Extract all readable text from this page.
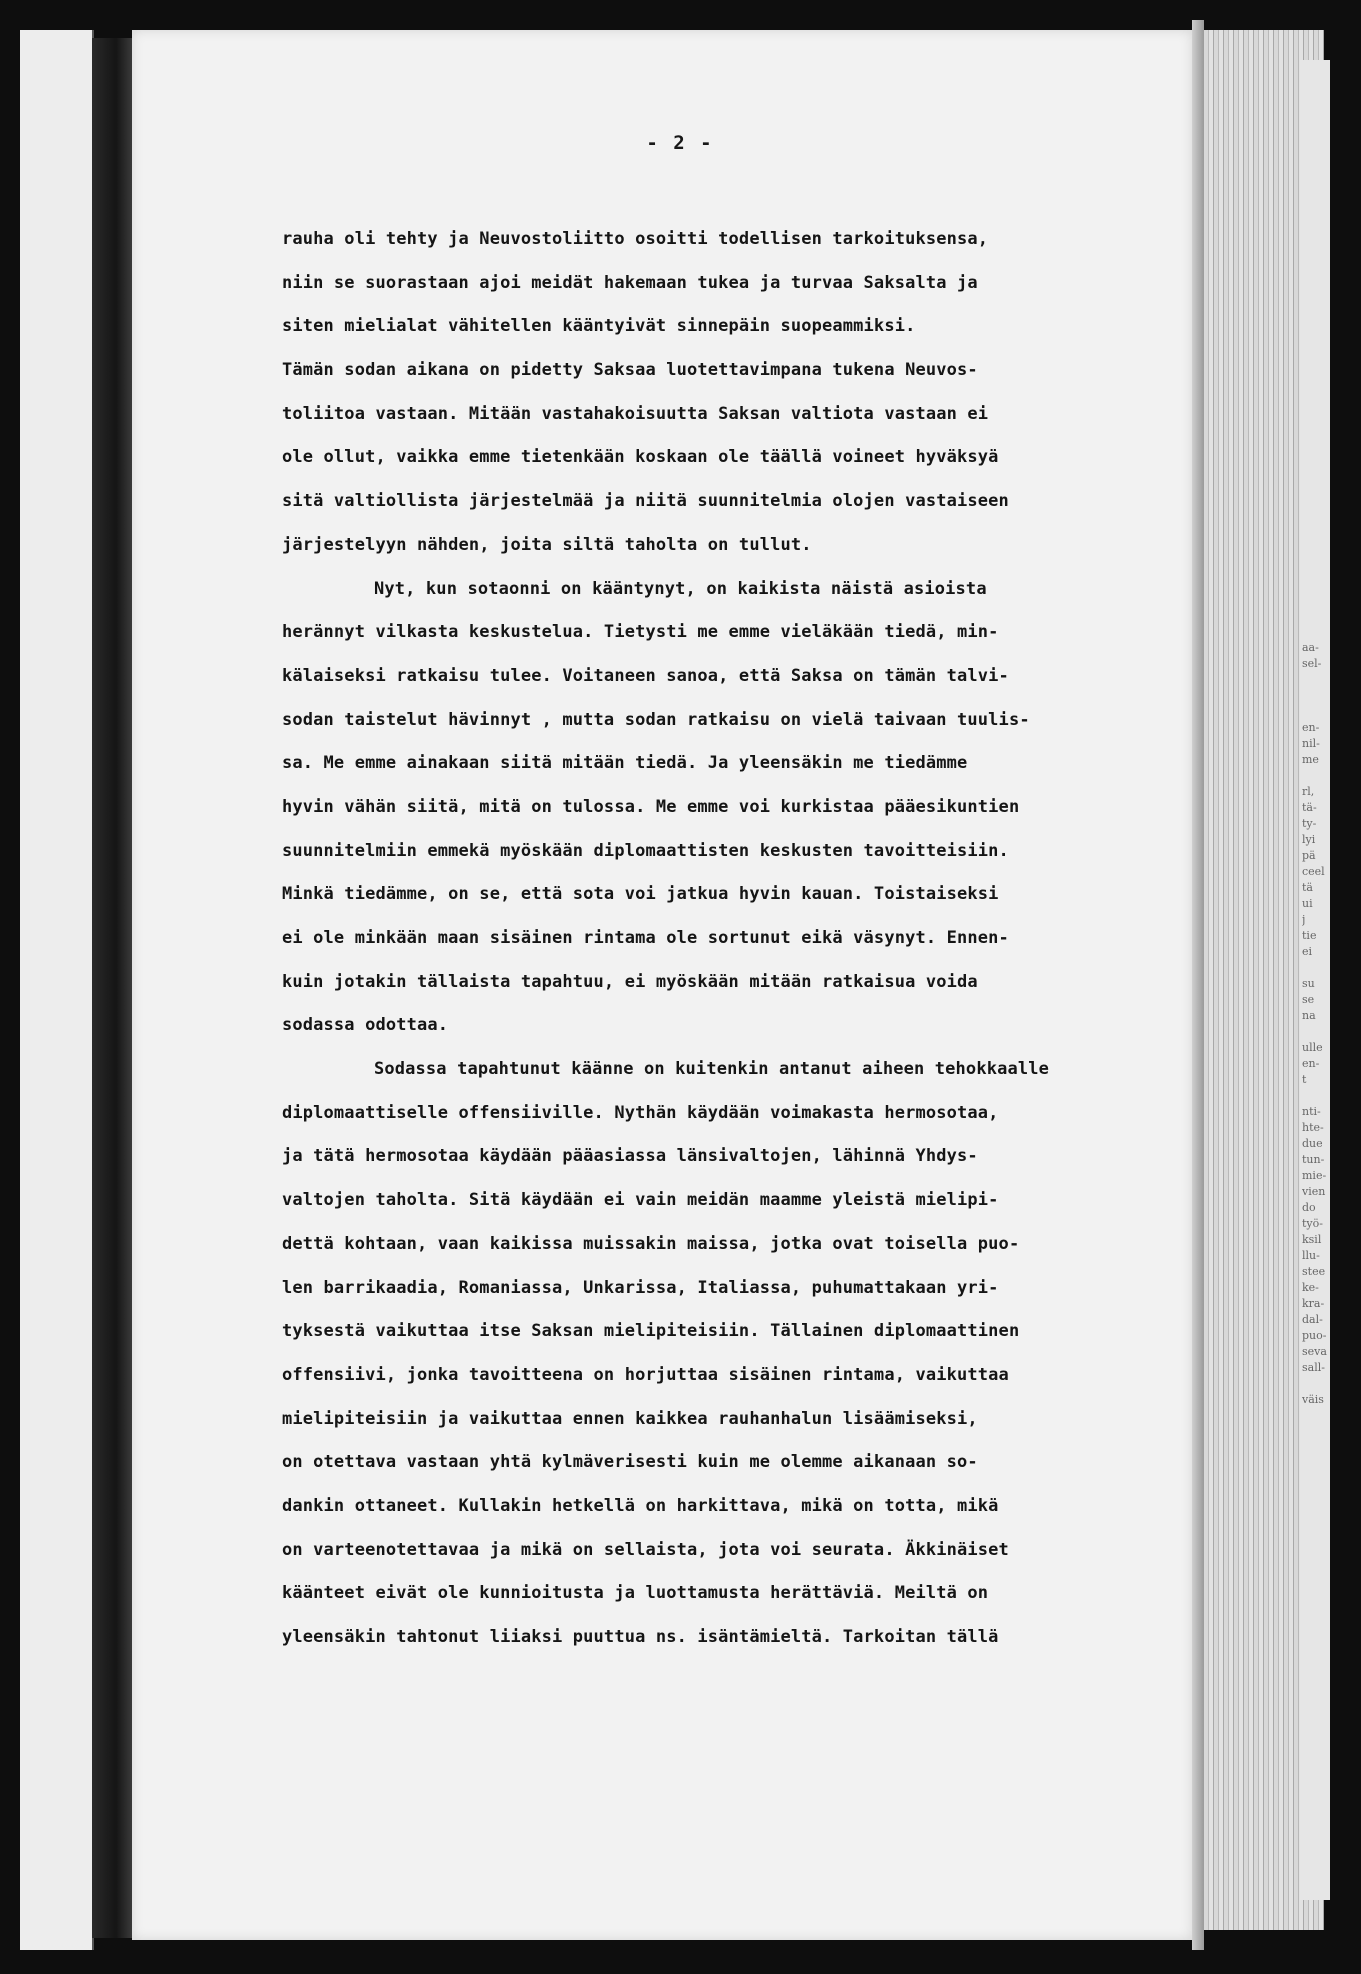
aa-
sel-

en-
nil-
me

rl,
tä-
ty-
lyi
pä
ceel
tä
ui
j
tie
ei

su
se
na

ulle
en-
t

nti-
hte-
due
tun-
mie-
vien
do
työ-
ksil
llu-
stee
ke-
kra-
dal-
puo-
seva
sall-

väis
- 2 -
rauha oli tehty ja Neuvostoliitto osoitti todellisen tarkoituksensa,
niin se suorastaan ajoi meidät hakemaan tukea ja turvaa Saksalta ja
siten mielialat vähitellen kääntyivät sinnepäin suopeammiksi.
Tämän sodan aikana on pidetty Saksaa luotettavimpana tukena Neuvos-
toliitoa vastaan. Mitään vastahakoisuutta Saksan valtiota vastaan ei
ole ollut, vaikka emme tietenkään koskaan ole täällä voineet hyväksyä
sitä valtiollista järjestelmää ja niitä suunnitelmia olojen vastaiseen
järjestelyyn nähden, joita siltä taholta on tullut.
Nyt, kun sotaonni on kääntynyt, on kaikista näistä asioista
herännyt vilkasta keskustelua. Tietysti me emme vieläkään tiedä, min-
kälaiseksi ratkaisu tulee. Voitaneen sanoa, että Saksa on tämän talvi-
sodan taistelut hävinnyt , mutta sodan ratkaisu on vielä taivaan tuulis-
sa. Me emme ainakaan siitä mitään tiedä. Ja yleensäkin me tiedämme
hyvin vähän siitä, mitä on tulossa. Me emme voi kurkistaa pääesikuntien
suunnitelmiin emmekä myöskään diplomaattisten keskusten tavoitteisiin.
Minkä tiedämme, on se, että sota voi jatkua hyvin kauan. Toistaiseksi
ei ole minkään maan sisäinen rintama ole sortunut eikä väsynyt. Ennen-
kuin jotakin tällaista tapahtuu, ei myöskään mitään ratkaisua voida
sodassa odottaa.
Sodassa tapahtunut käänne on kuitenkin antanut aiheen tehokkaalle
diplomaattiselle offensiiville. Nythän käydään voimakasta hermosotaa,
ja tätä hermosotaa käydään pääasiassa länsivaltojen, lähinnä Yhdys-
valtojen taholta. Sitä käydään ei vain meidän maamme yleistä mielipi-
dettä kohtaan, vaan kaikissa muissakin maissa, jotka ovat toisella puo-
len barrikaadia, Romaniassa, Unkarissa, Italiassa, puhumattakaan yri-
tyksestä vaikuttaa itse Saksan mielipiteisiin. Tällainen diplomaattinen
offensiivi, jonka tavoitteena on horjuttaa sisäinen rintama, vaikuttaa
mielipiteisiin ja vaikuttaa ennen kaikkea rauhanhalun lisäämiseksi,
on otettava vastaan yhtä kylmäverisesti kuin me olemme aikanaan so-
dankin ottaneet. Kullakin hetkellä on harkittava, mikä on totta, mikä
on varteenotettavaa ja mikä on sellaista, jota voi seurata. Äkkinäiset
käänteet eivät ole kunnioitusta ja luottamusta herättäviä. Meiltä on
yleensäkin tahtonut liiaksi puuttua ns. isäntämieltä. Tarkoitan tällä
